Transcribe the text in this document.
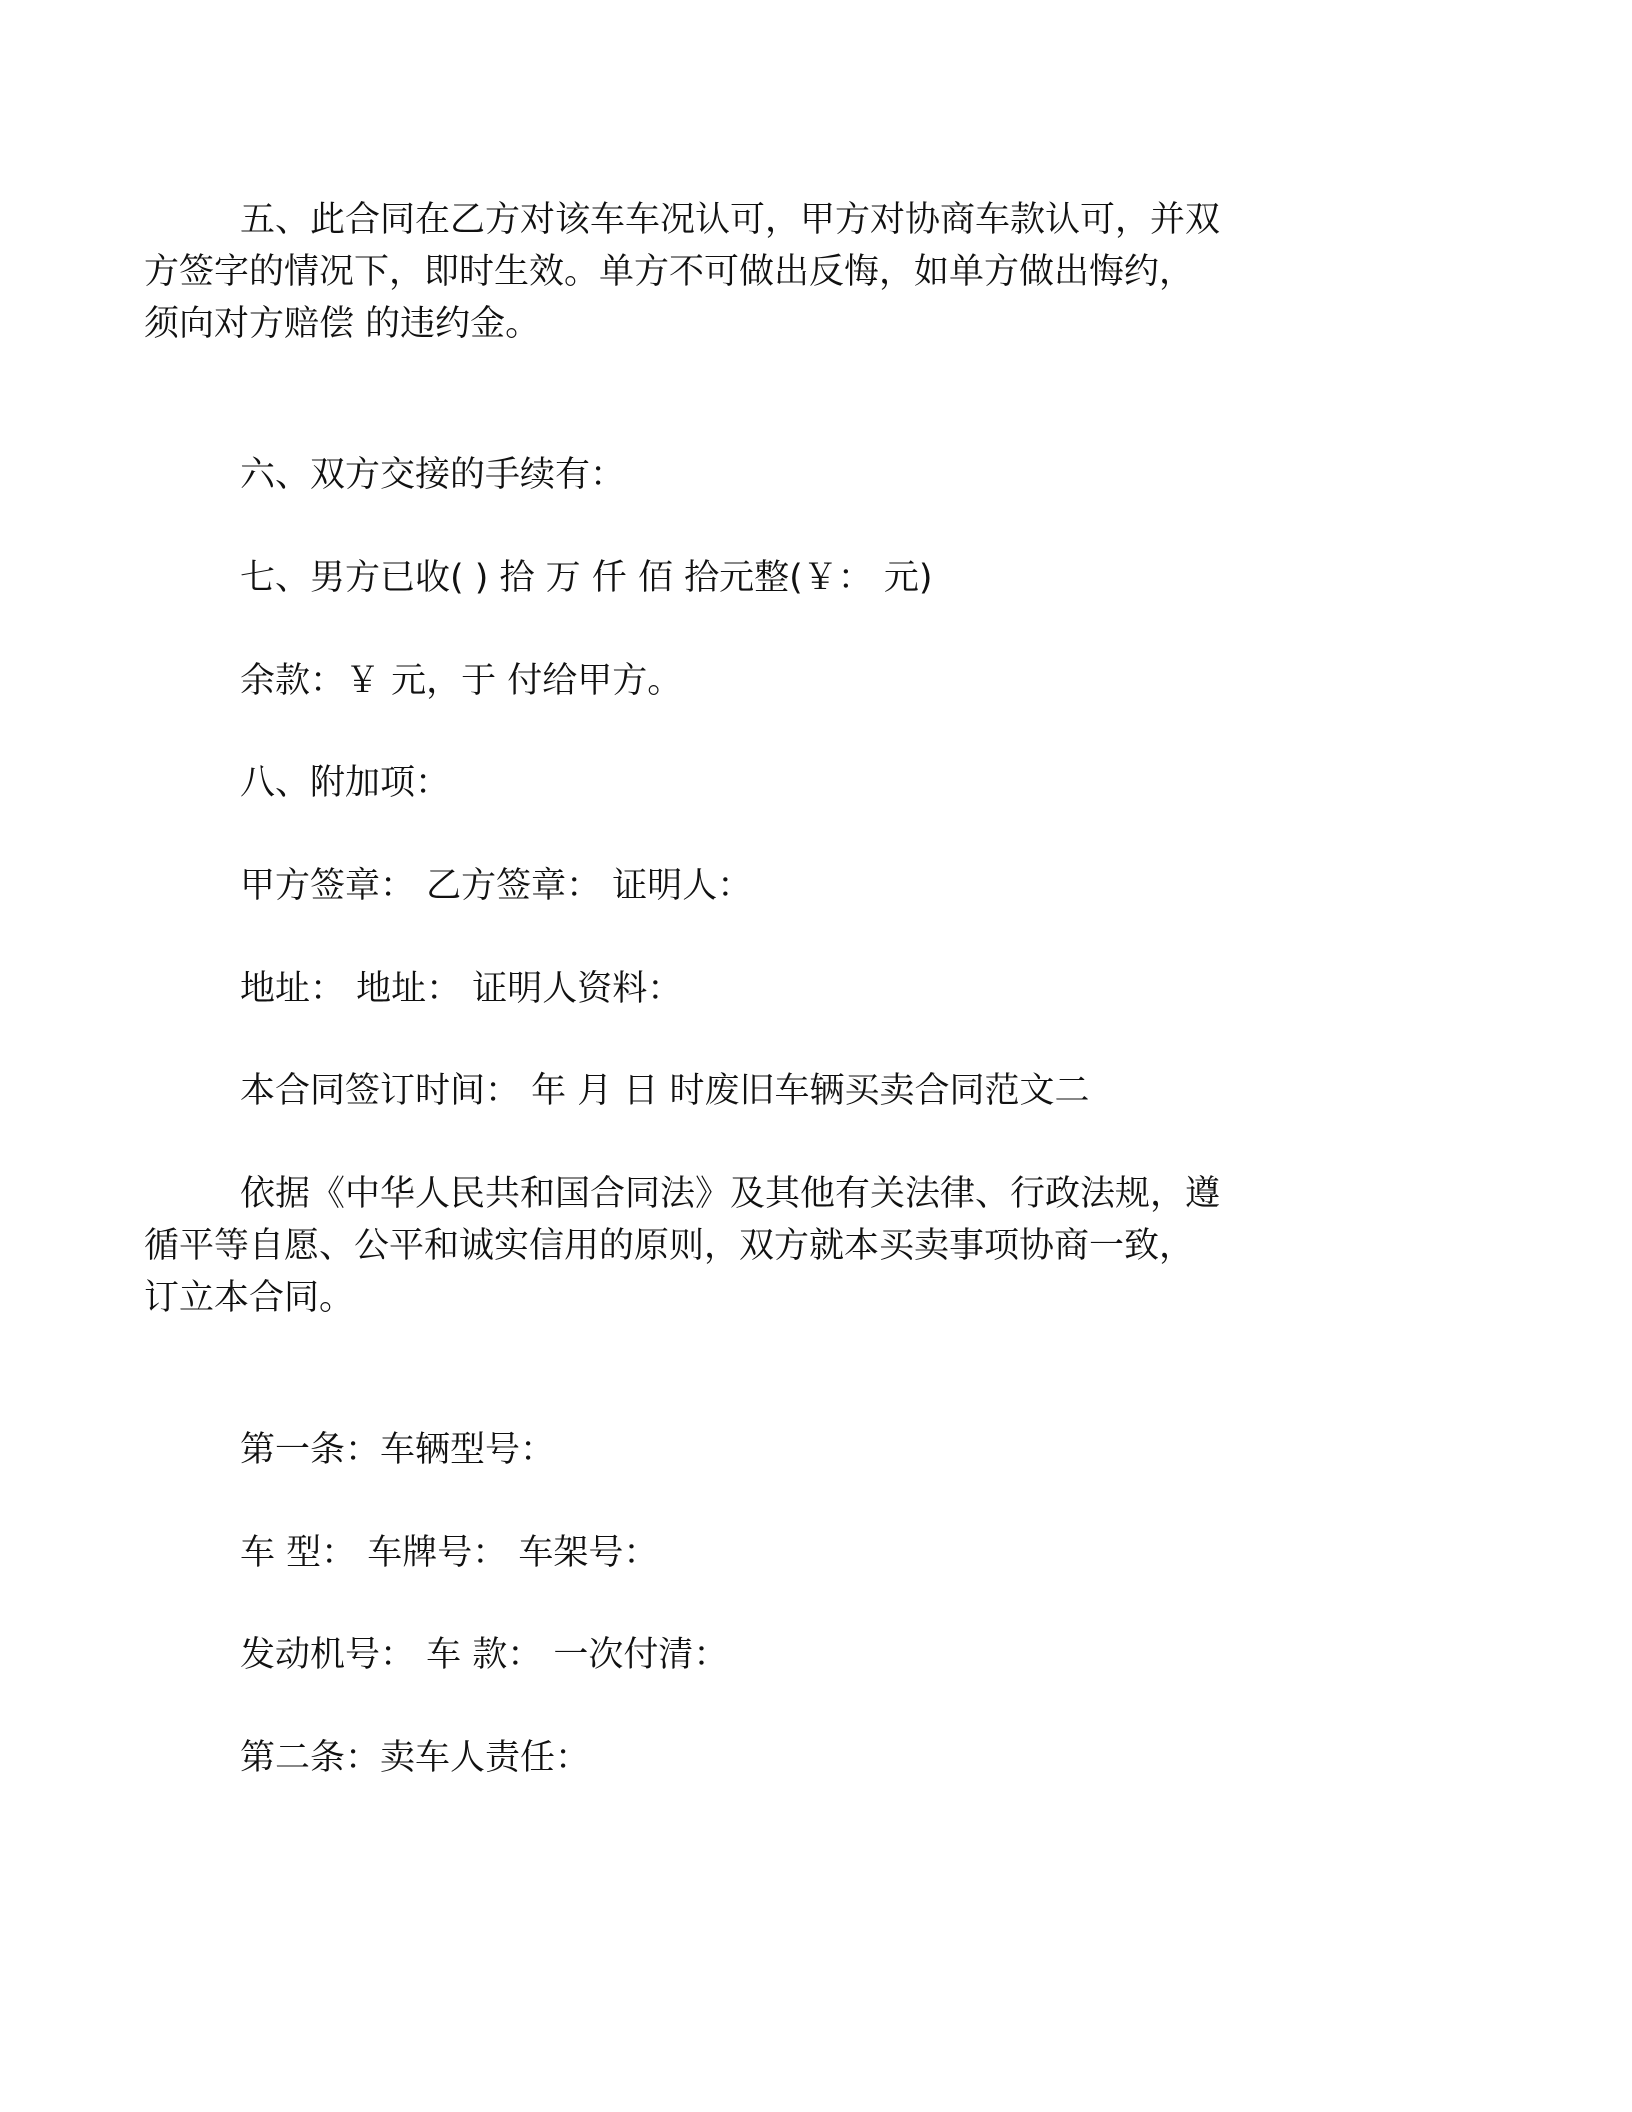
五、此合同在乙方对该车车况认可，甲方对协商车款认可，并双
方签字的情况下，即时生效。单方不可做出反悔，如单方做出悔约，
须向对方赔偿 的违约金。
六、双方交接的手续有：
七、男方已收( ) 拾 万 仟 佰 拾元整(￥： 元)
余款：￥ 元，于 付给甲方。
八、附加项：
甲方签章： 乙方签章： 证明人：
地址： 地址： 证明人资料：
本合同签订时间： 年 月 日 时废旧车辆买卖合同范文二
依据《中华人民共和国合同法》及其他有关法律、行政法规，遵
循平等自愿、公平和诚实信用的原则，双方就本买卖事项协商一致，
订立本合同。
第一条：车辆型号：
车 型： 车牌号： 车架号：
发动机号： 车 款： 一次付清：
第二条：卖车人责任：
